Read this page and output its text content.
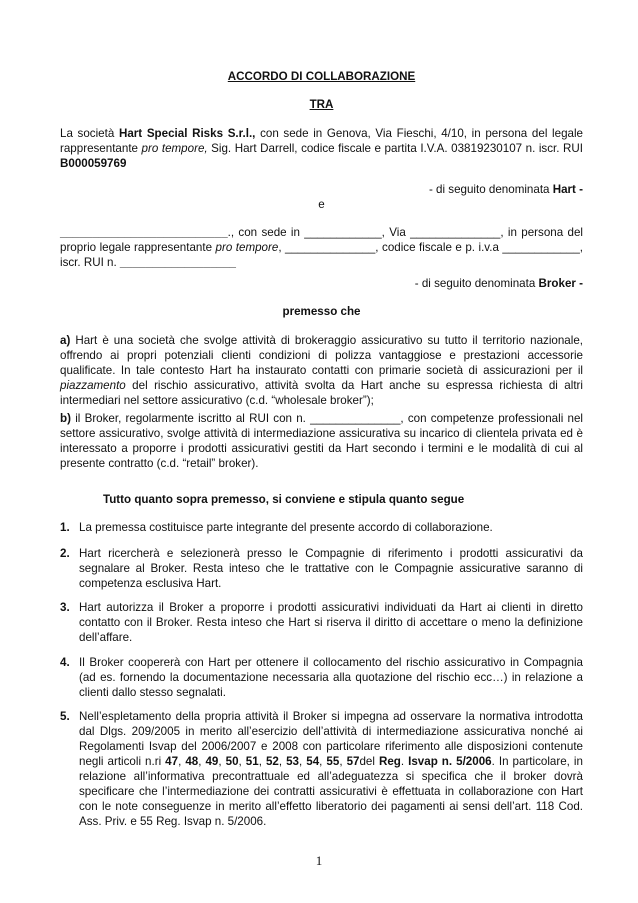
ACCORDO DI COLLABORAZIONE
TRA

La società Hart Special Risks S.r.l., con sede in Genova, Via Fieschi, 4/10, in persona del legale rappresentante pro tempore, Sig. Hart Darrell, codice fiscale e partita I.V.A. 03819230107 n. iscr. RUI B000059769

- di seguito denominata Hart -
e

__________________________., con sede in ____________, Via ______________, in persona del proprio legale rappresentante pro tempore, ______________, codice fiscale e p. i.v.a ____________, iscr. RUI n. __________________

- di seguito denominata Broker -
premesso che

a) Hart è una società che svolge attività di brokeraggio assicurativo su tutto il territorio nazionale, offrendo ai propri potenziali clienti condizioni di polizza vantaggiose e prestazioni accessorie qualificate. In tale contesto Hart ha instaurato contatti con primarie società di assicurazioni per il piazzamento del rischio assicurativo, attività svolta da Hart anche su espressa richiesta di altri intermediari nel settore assicurativo (c.d. “wholesale broker”);

b) il Broker, regolarmente iscritto al RUI con n. ______________, con competenze professionali nel settore assicurativo, svolge attività di intermediazione assicurativa su incarico di clientela privata ed è interessato a proporre i prodotti assicurativi gestiti da Hart secondo i termini e le modalità di cui al presente contratto (c.d. “retail” broker).

Tutto quanto sopra premesso, si conviene e stipula quanto segue
1. La premessa costituisce parte integrante del presente accordo di collaborazione.
2. Hart ricercherà e selezionerà presso le Compagnie di riferimento i prodotti assicurativi da segnalare al Broker. Resta inteso che le trattative con le Compagnie assicurative saranno di competenza esclusiva Hart.
3. Hart autorizza il Broker a proporre i prodotti assicurativi individuati da Hart ai clienti in diretto contatto con il Broker. Resta inteso che Hart si riserva il diritto di accettare o meno la definizione dell’affare.
4. Il Broker coopererà con Hart per ottenere il collocamento del rischio assicurativo in Compagnia (ad es. fornendo la documentazione necessaria alla quotazione del rischio ecc…) in relazione a clienti dallo stesso segnalati.
5. Nell’espletamento della propria attività il Broker si impegna ad osservare la normativa introdotta dal Dlgs. 209/2005 in merito all’esercizio dell’attività di intermediazione assicurativa nonché ai Regolamenti Isvap del 2006/2007 e 2008 con particolare riferimento alle disposizioni contenute negli articoli n.ri 47, 48, 49, 50, 51, 52, 53, 54, 55, 57del Reg. Isvap n. 5/2006. In particolare, in relazione all’informativa precontrattuale ed all’adeguatezza si specifica che il broker dovrà specificare che l’intermediazione dei contratti assicurativi è effettuata in collaborazione con Hart con le note conseguenze in merito all’effetto liberatorio dei pagamenti ai sensi dell’art. 118 Cod. Ass. Priv. e 55 Reg. Isvap n. 5/2006.
1
